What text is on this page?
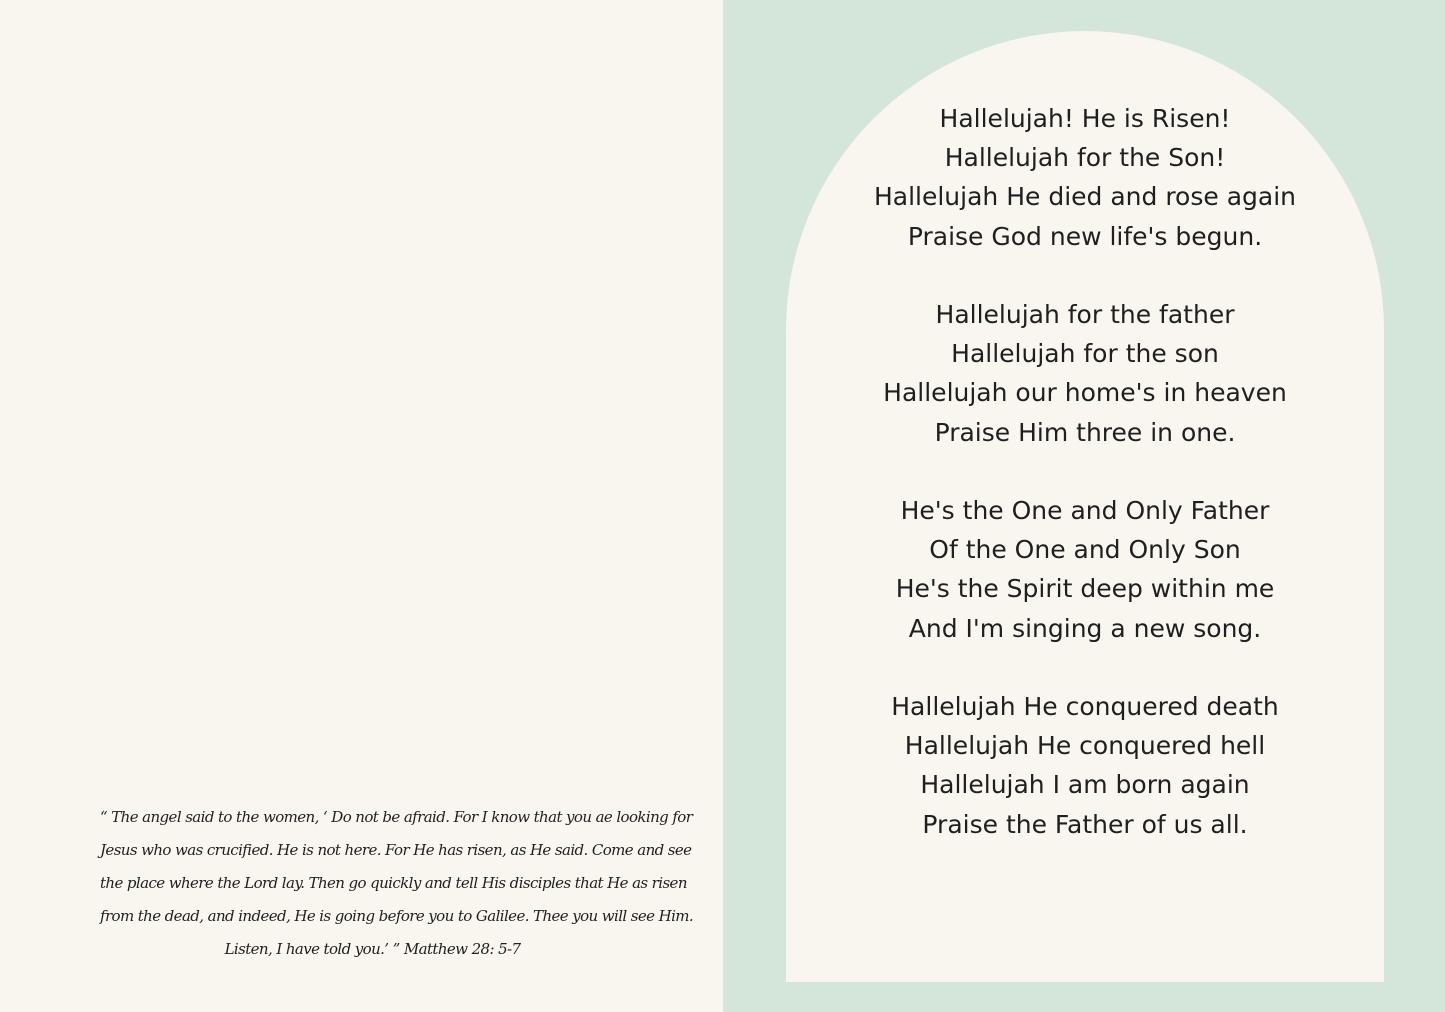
“ The angel said to the women, ‘ Do not be afraid. For I know that you ae looking for
Jesus who was crucified. He is not here. For He has risen, as He said. Come and see
the place where the Lord lay. Then go quickly and tell His disciples that He as risen
from the dead, and indeed, He is going before you to Galilee. Thee you will see Him.
Listen, I have told you.’ ” Matthew 28: 5-7
Hallelujah! He is Risen!
Hallelujah for the Son!
Hallelujah He died and rose again
Praise God new life's begun.
Hallelujah for the father
Hallelujah for the son
Hallelujah our home's in heaven
Praise Him three in one.
He's the One and Only Father
Of the One and Only Son
He's the Spirit deep within me
And I'm singing a new song.
Hallelujah He conquered death
Hallelujah He conquered hell
Hallelujah I am born again
Praise the Father of us all.
